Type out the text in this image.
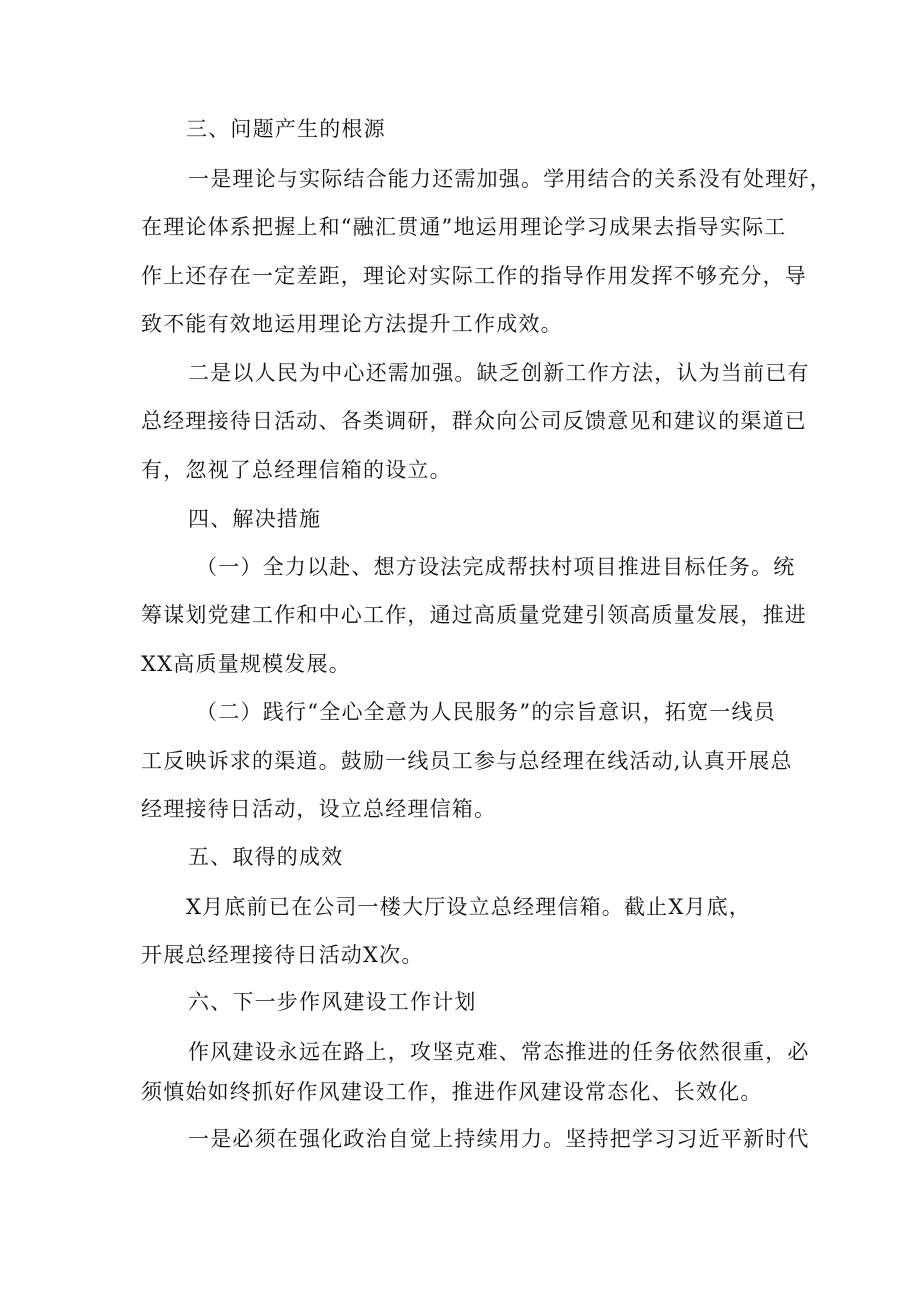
三、问题产生的根源

一是理论与实际结合能力还需加强。学用结合的关系没有处理好，

在理论体系把握上和“融汇贯通”地运用理论学习成果去指导实际工

作上还存在一定差距，理论对实际工作的指导作用发挥不够充分，导

致不能有效地运用理论方法提升工作成效。

二是以人民为中心还需加强。缺乏创新工作方法，认为当前已有

总经理接待日活动、各类调研，群众向公司反馈意见和建议的渠道已

有，忽视了总经理信箱的设立。

四、解决措施

（一）全力以赴、想方设法完成帮扶村项目推进目标任务。统

筹谋划党建工作和中心工作，通过高质量党建引领高质量发展，推进

XX高质量规模发展。

（二）践行“全心全意为人民服务”的宗旨意识，拓宽一线员

工反映诉求的渠道。鼓励一线员工参与总经理在线活动,认真开展总

经理接待日活动，设立总经理信箱。

五、取得的成效

X月底前已在公司一楼大厅设立总经理信箱。截止X月底，

开展总经理接待日活动X次。

六、下一步作风建设工作计划

作风建设永远在路上，攻坚克难、常态推进的任务依然很重，必

须慎始如终抓好作风建设工作，推进作风建设常态化、长效化。

一是必须在强化政治自觉上持续用力。坚持把学习习近平新时代
